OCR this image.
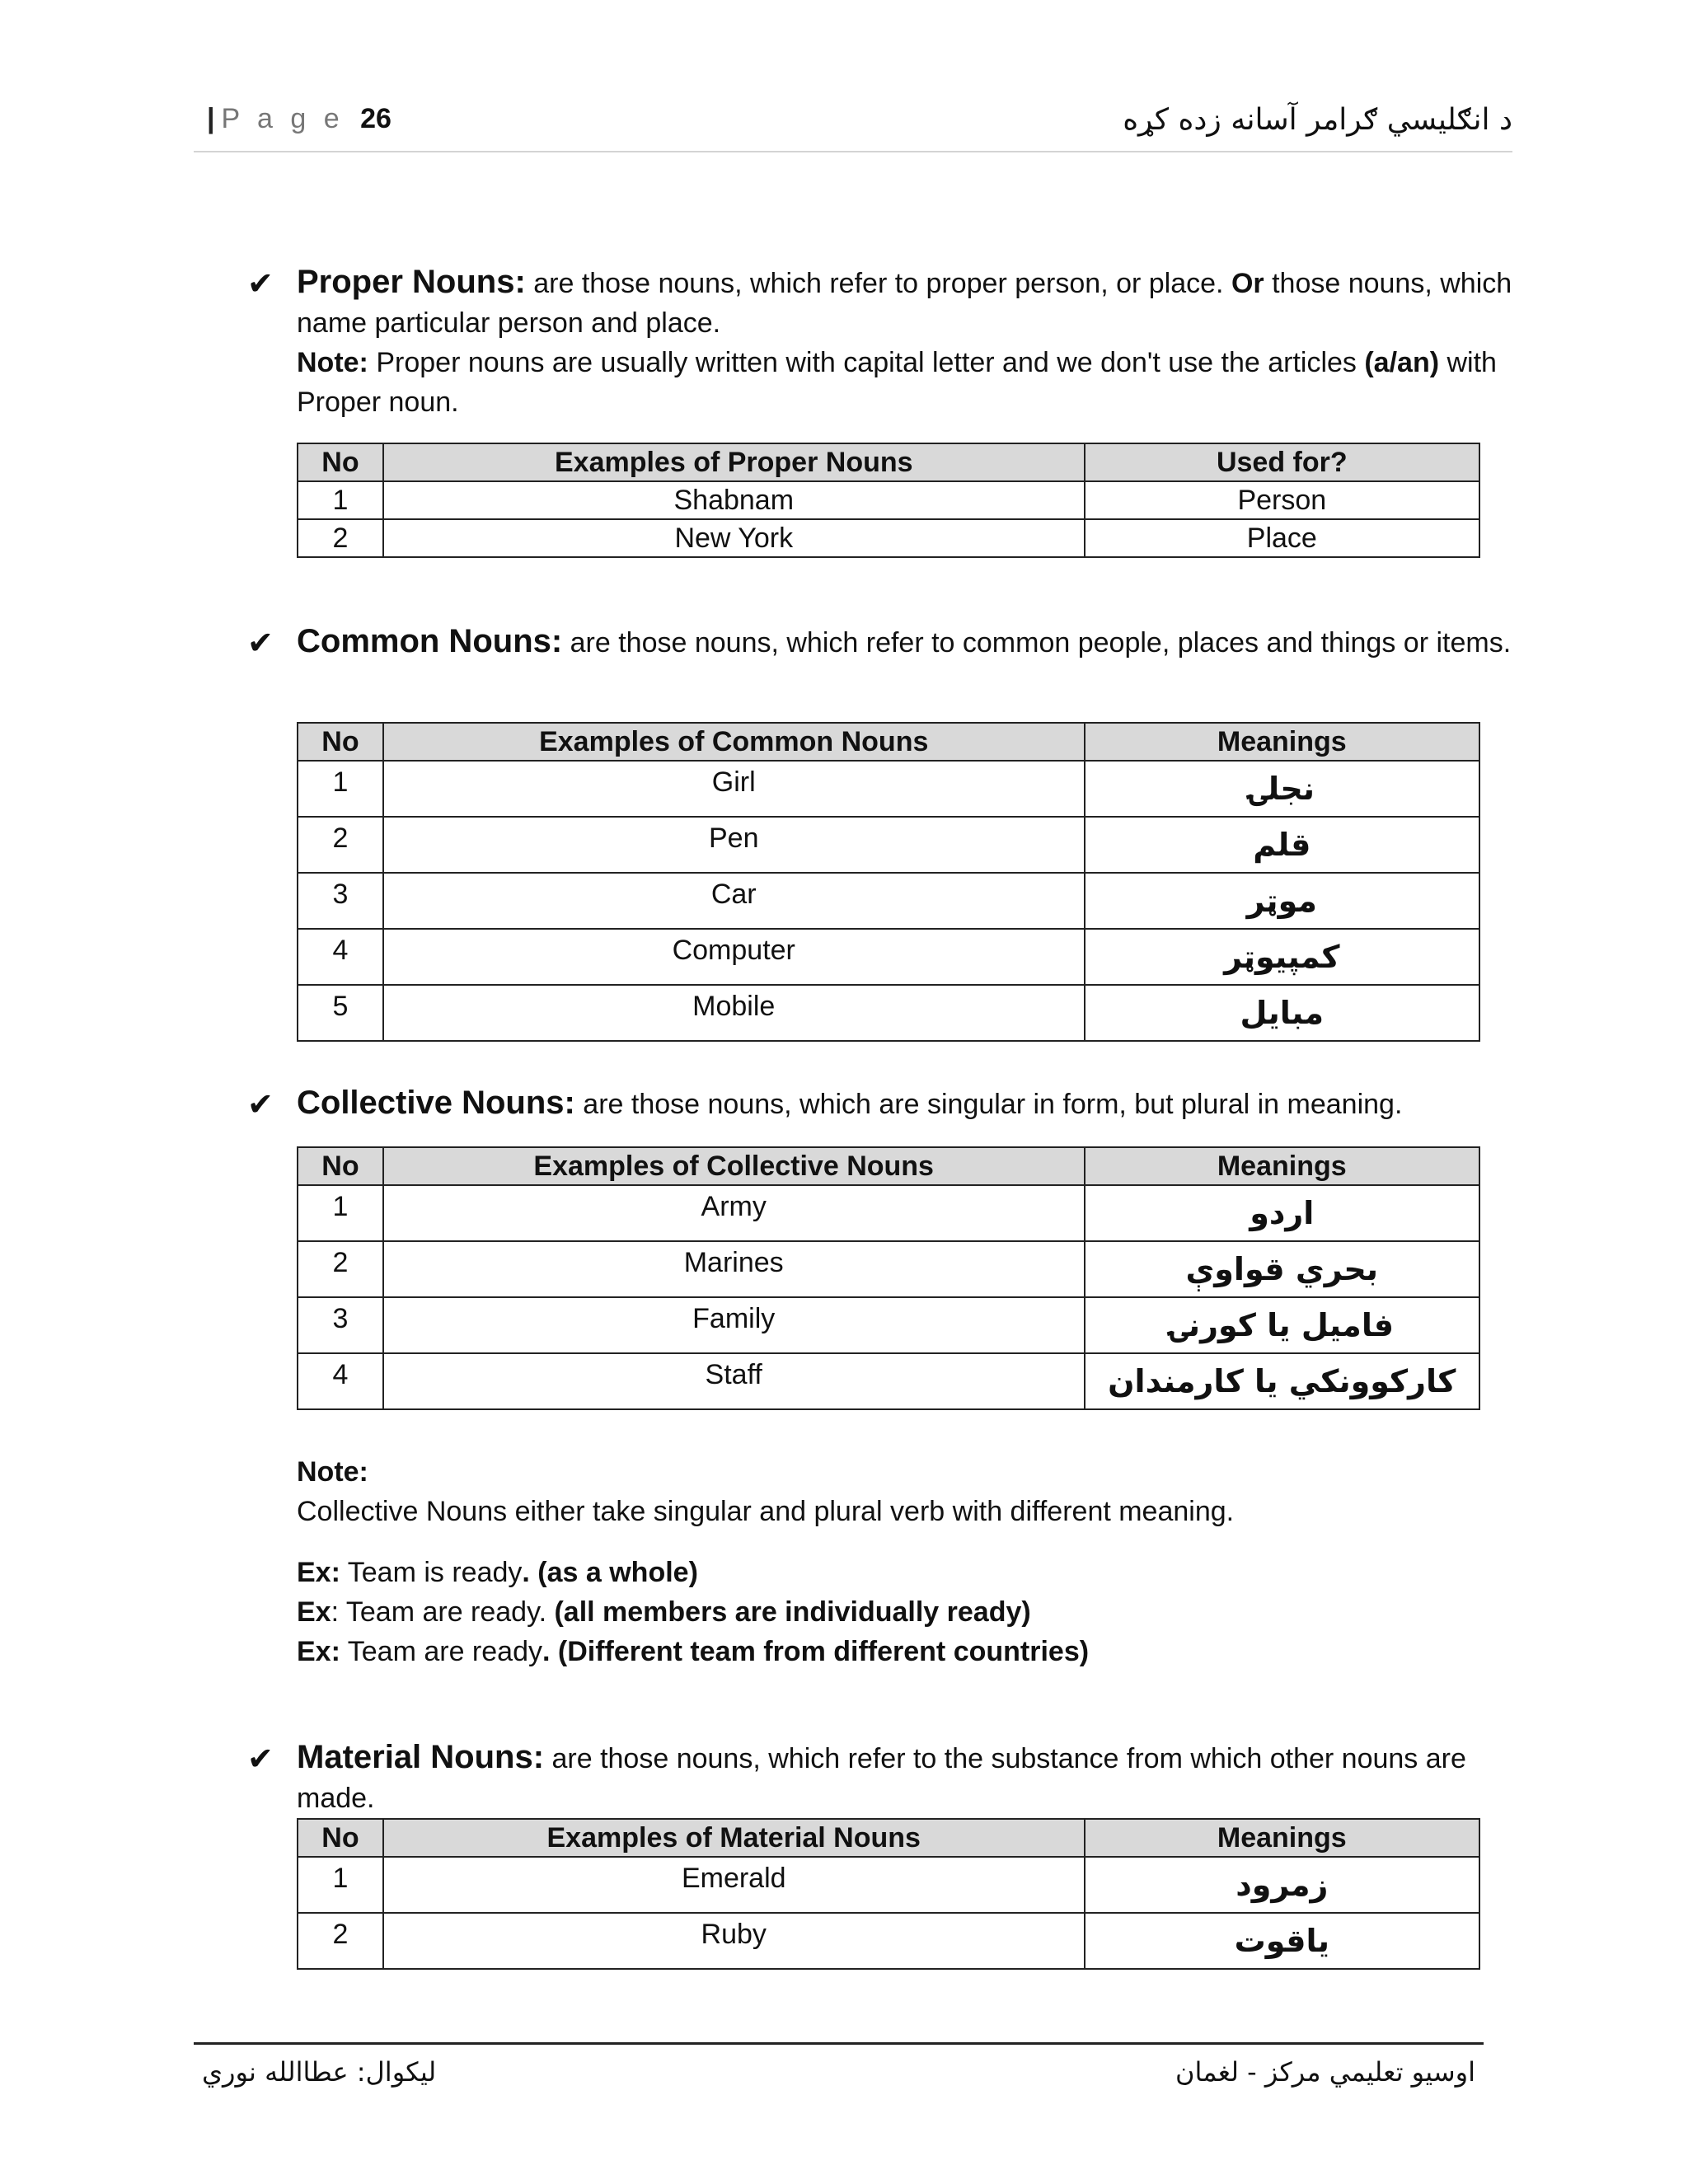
| P a g e 26	د انګليسي ګرامر آسانه زده کړه
✔ Proper Nouns: are those nouns, which refer to proper person, or place. Or those nouns, which name particular person and place.
Note: Proper nouns are usually written with capital letter and we don't use the articles (a/an) with Proper noun.
No	Examples of Proper Nouns	Used for?
1	Shabnam	Person
2	New York	Place
✔ Common Nouns: are those nouns, which refer to common people, places and things or items.
No	Examples of Common Nouns	Meanings
1	Girl	نجلۍ
2	Pen	قلم
3	Car	موټر
4	Computer	کمپیوټر
5	Mobile	مبایل
✔ Collective Nouns: are those nouns, which are singular in form, but plural in meaning.
No	Examples of Collective Nouns	Meanings
1	Army	اردو
2	Marines	بحري قواوې
3	Family	فامیل یا کورنۍ
4	Staff	کارکوونکي یا کارمندان
Note:
Collective Nouns either take singular and plural verb with different meaning.
Ex: Team is ready. (as a whole)
Ex: Team are ready. (all members are individually ready)
Ex: Team are ready. (Different team from different countries)
✔ Material Nouns: are those nouns, which refer to the substance from which other nouns are made.
No	Examples of Material Nouns	Meanings
1	Emerald	زمرود
2	Ruby	یاقوت
لیکوال: عطاالله نوري	اوسیو تعلیمي مرکز - لغمان
